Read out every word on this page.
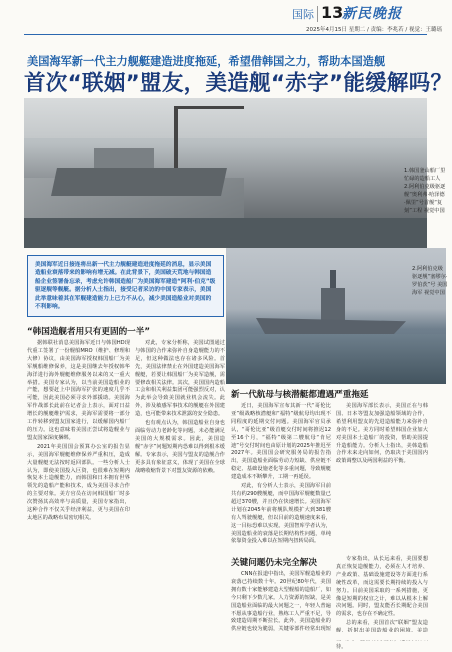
国际 13
新民晚报
2025年4月15日 星期二 / 责编：李兆若 / 视觉：王璐瑶
美国海军新一代主力舰艇建造进度拖延，希望借韩国之力，帮助本国造舰
首次“联姻”盟友，美造舰“赤字”能缓解吗？
1.韩国釜山船厂里忙碌的造船工人
2.阿利伯克级驱逐舰“奥利弗·哈泽德·佩里”号首舰“复刻”工程 视觉中国

美国海军近日接连将出新一代主力舰艇建造进度拖延的消息，显示美国造船业衰落带来的影响有增无减。在此背景下，美国破天荒地与韩国造船企业签署备忘录，考虑允许韩国造船厂为美国海军建造“阿利·伯克”级驱逐舰等舰艇。据分析人士指出，接受记者采访的中国专家表示，美国此举意味着其在军舰建造能力上已力不从心，减少美国造船业对美国的不利影响。

2.阿利伯克级驱逐舰“塞缪尔·罗伯茨”号 美国海军 视觉中国
“韩国造舰者用只有更固的一半”

据韩联社消息美国海军近日与韩国HD现代重工签署了一份舰船MRO（维护、修理和大修）协议，由美国海军授权韩国船厂为美军舰船维修保养，这是美国继去年授权韩华海洋进行海外舰艇维修服务以来的又一重大举措。美国专家认为，以当前美国造船业的产能，想要赶上中国海军扩张的速度几乎不可能，因此美国必须寻求外部援助。美国海军作战部长此前在记者会上表示，面对日益增长的舰艇维护需求，美海军需要将一部分工作转移到盟友国家进行，以缓解国内船厂的压力。这也意味着美国正尝试将造舰业与盟友国家深度捆绑。

2021年美国国会预算办公室的报告显示，美国海军舰艇维修保养严重积压，造成大量舰艇无法按时返回部队。一些分析人士认为，即使美国投入巨资，也很难在短期内恢复本土造舰能力，而韩国和日本拥有世界领先的造船产能和技术，成为美国寻求合作的主要对象。美方官员在访问韩国船厂时多次赞扬其高效率与高质量，美国专家指出，这种合作不仅关乎经济利益，更与美国在印太地区的战略布局密切相关。

对此，专家分析称，美国试图通过与韩国的合作来弥补自身造舰能力的不足，但这种做法也存在诸多风险。首先，美国法律禁止在外国建造美国海军舰艇，若要让韩国船厂为美军造舰，需要修改相关法律。其次，美国国内造船工会和相关利益集团可能强烈反对，认为此举会导致美国就业机会流失。此外，涉及敏感军事技术的舰艇在外国建造，也可能带来技术泄露的安全隐患。

也有观点认为，韩国造船业自身也面临劳动力老龄化等问题，未必能满足美国的大规模需求。因此，美国造舰“赤字”问题短期内恐难以得到根本缓解。专家表示，美国与盟友的造舰合作更多具有象征意义，体现了美国在全球战略收缩背景下对盟友资源的依赖。

新一代航母与核潜艇都遭遇严重拖延

近日，美国海军宣布其新一代“哥伦比亚”级战略核潜艇和“福特”级航母均出现不同程度的延期交付问题。美国海军官员承认，“哥伦比亚”级首艇交付时间将推迟12至16个月，“福特”级第二艘航母“肯尼迪”号交付时间也由原计划的2025年推迟至2027年。美国国会研究服务局的报告指出，美国造船业面临劳动力短缺、供应链不稳定、基础设施老化等多重问题，导致舰艇建造成本不断攀升，工期一再延误。

对此，有分析人士表示，美国海军目前共有约290艘舰艇，而中国海军舰艇数量已超过370艘，并且仍在快速增长。美国海军计划在2045年前将舰队规模扩大到381艘有人驾驶舰艇，但以目前的造舰速度来看，这一目标恐难以实现。美国智库学者认为，美国造船业的衰落是长期结构性问题，单纯依靠资金投入难以在短期内扭转局面。

美国海军部长表示，美国正在与韩国、日本等盟友加强造船领域的合作，希望利用盟友的先进造船能力来弥补自身的不足。美方同时希望韩国企业加大对美国本土造船厂的投资，帮助美国提升造船能力。分析人士指出，美韩造船合作未来走向如何，仍取决于美国国内政策调整以及两国利益的平衡。

关键问题仍未完全解决

CNN在报道中指出，美国军舰造船业的衰落已持续数十年。20世纪80年代，美国拥有数十家能够建造大型舰船的造船厂，如今只剩下少数几家。人力资源的短缺，是美国造船业面临的最大问题之一，年轻人普遍不愿从事造船行业，熟练工人严重不足，导致建造周期不断拉长。此外，美国造船业的供应链也较为脆弱，关键零部件经常出现短

专家指出，从长远来看，美国要想真正恢复造舰能力，必须在人才培养、产业政策、基础设施建设等方面进行系统性改革，而这需要长期持续的投入与努力。目前美国采取的一系列措施，更像是短期的权宜之计，难以从根本上解决问题。同时，盟友能否长期配合美国的需求，也存在不确定性。

总的来看，美国首次“联姻”盟友造 待。
